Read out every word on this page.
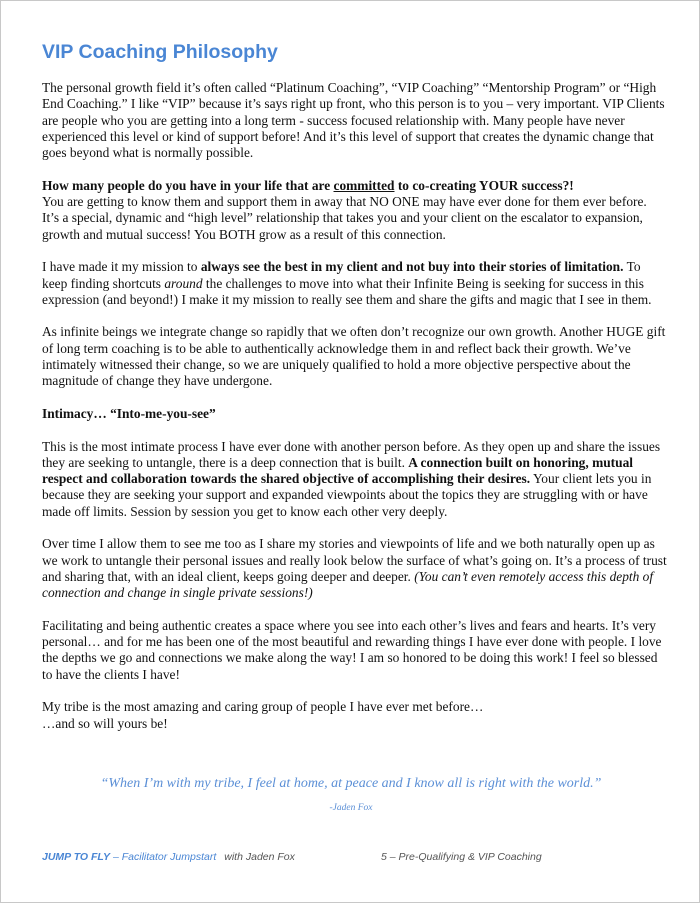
VIP Coaching Philosophy

The personal growth field it’s often called “Platinum Coaching”, “VIP Coaching” “Mentorship Program” or “High End Coaching.” I like “VIP” because it’s says right up front, who this person is to you – very important. VIP Clients are people who you are getting into a long term - success focused relationship with. Many people have never experienced this level or kind of support before! And it’s this level of support that creates the dynamic change that goes beyond what is normally possible.

How many people do you have in your life that are committed to co-creating YOUR success?!
You are getting to know them and support them in away that NO ONE may have ever done for them ever before. It’s a special, dynamic and “high level” relationship that takes you and your client on the escalator to expansion, growth and mutual success! You BOTH grow as a result of this connection.

I have made it my mission to always see the best in my client and not buy into their stories of limitation. To keep finding shortcuts around the challenges to move into what their Infinite Being is seeking for success in this expression (and beyond!) I make it my mission to really see them and share the gifts and magic that I see in them.

As infinite beings we integrate change so rapidly that we often don’t recognize our own growth. Another HUGE gift of long term coaching is to be able to authentically acknowledge them in and reflect back their growth. We’ve intimately witnessed their change, so we are uniquely qualified to hold a more objective perspective about the magnitude of change they have undergone.

Intimacy… “Into-me-you-see”

This is the most intimate process I have ever done with another person before. As they open up and share the issues they are seeking to untangle, there is a deep connection that is built. A connection built on honoring, mutual respect and collaboration towards the shared objective of accomplishing their desires. Your client lets you in because they are seeking your support and expanded viewpoints about the topics they are struggling with or have made off limits. Session by session you get to know each other very deeply.

Over time I allow them to see me too as I share my stories and viewpoints of life and we both naturally open up as we work to untangle their personal issues and really look below the surface of what’s going on. It’s a process of trust and sharing that, with an ideal client, keeps going deeper and deeper. (You can’t even remotely access this depth of connection and change in single private sessions!)

Facilitating and being authentic creates a space where you see into each other’s lives and fears and hearts. It’s very personal… and for me has been one of the most beautiful and rewarding things I have ever done with people. I love the depths we go and connections we make along the way! I am so honored to be doing this work! I feel so blessed to have the clients I have!

My tribe is the most amazing and caring group of people I have ever met before…
…and so will yours be!

“When I’m with my tribe, I feel at home, at peace and I know all is right with the world.”
-Jaden Fox
JUMP TO FLY – Facilitator Jumpstart with Jaden Fox	5 – Pre-Qualifying & VIP Coaching
